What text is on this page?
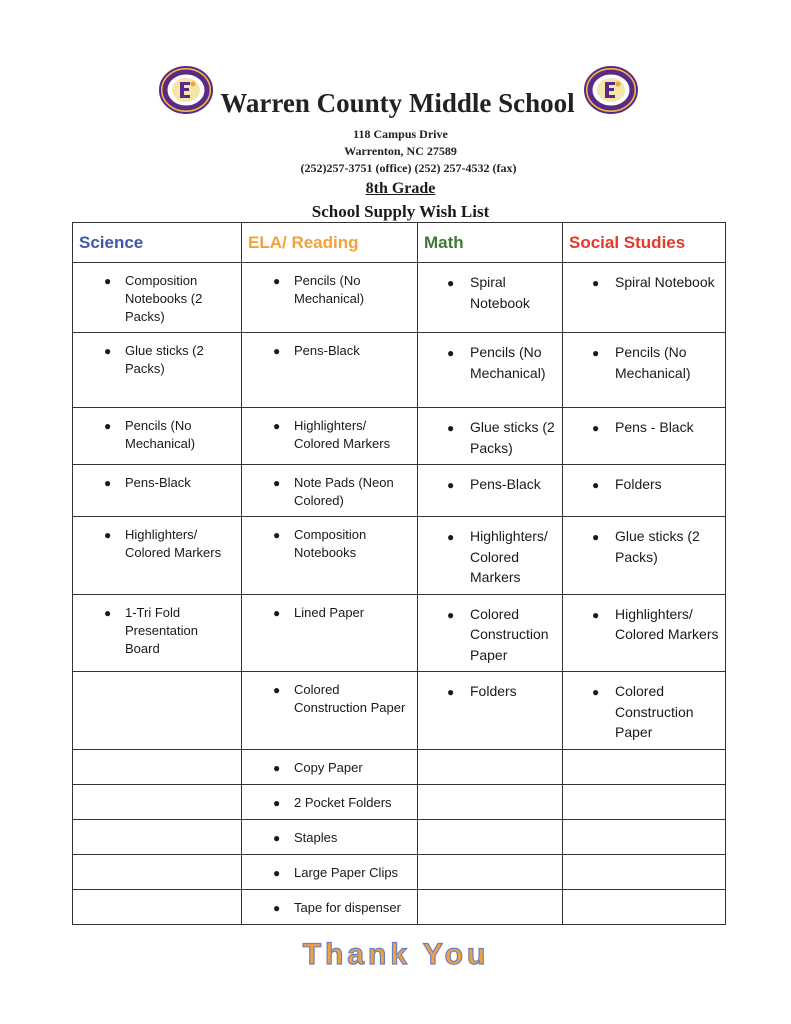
Warren County Middle School
118 Campus Drive
Warrenton, NC 27589
(252)257-3751 (office) (252) 257-4532 (fax)
8th Grade
School Supply Wish List
Science	ELA/ Reading	Math	Social Studies

● Composition Notebooks (2 Packs)	● Pencils (No Mechanical)	● Spiral Notebook	● Spiral Notebook

● Glue sticks (2 Packs)	● Pens-Black	● Pencils (No Mechanical)	● Pencils (No Mechanical)

● Pencils (No Mechanical)	● Highlighters/ Colored Markers	● Glue sticks (2 Packs)	● Pens - Black

● Pens-Black	● Note Pads (Neon Colored)	● Pens-Black	● Folders

● Highlighters/ Colored Markers	● Composition Notebooks	● Highlighters/ Colored Markers	● Glue sticks (2 Packs)

● 1-Tri Fold Presentation Board	● Lined Paper	● Colored Construction Paper	● Highlighters/ Colored Markers

	● Colored Construction Paper	● Folders	● Colored Construction Paper

	● Copy Paper		

	● 2 Pocket Folders		

	● Staples		

	● Large Paper Clips		

	● Tape for dispenser		

Thank You
